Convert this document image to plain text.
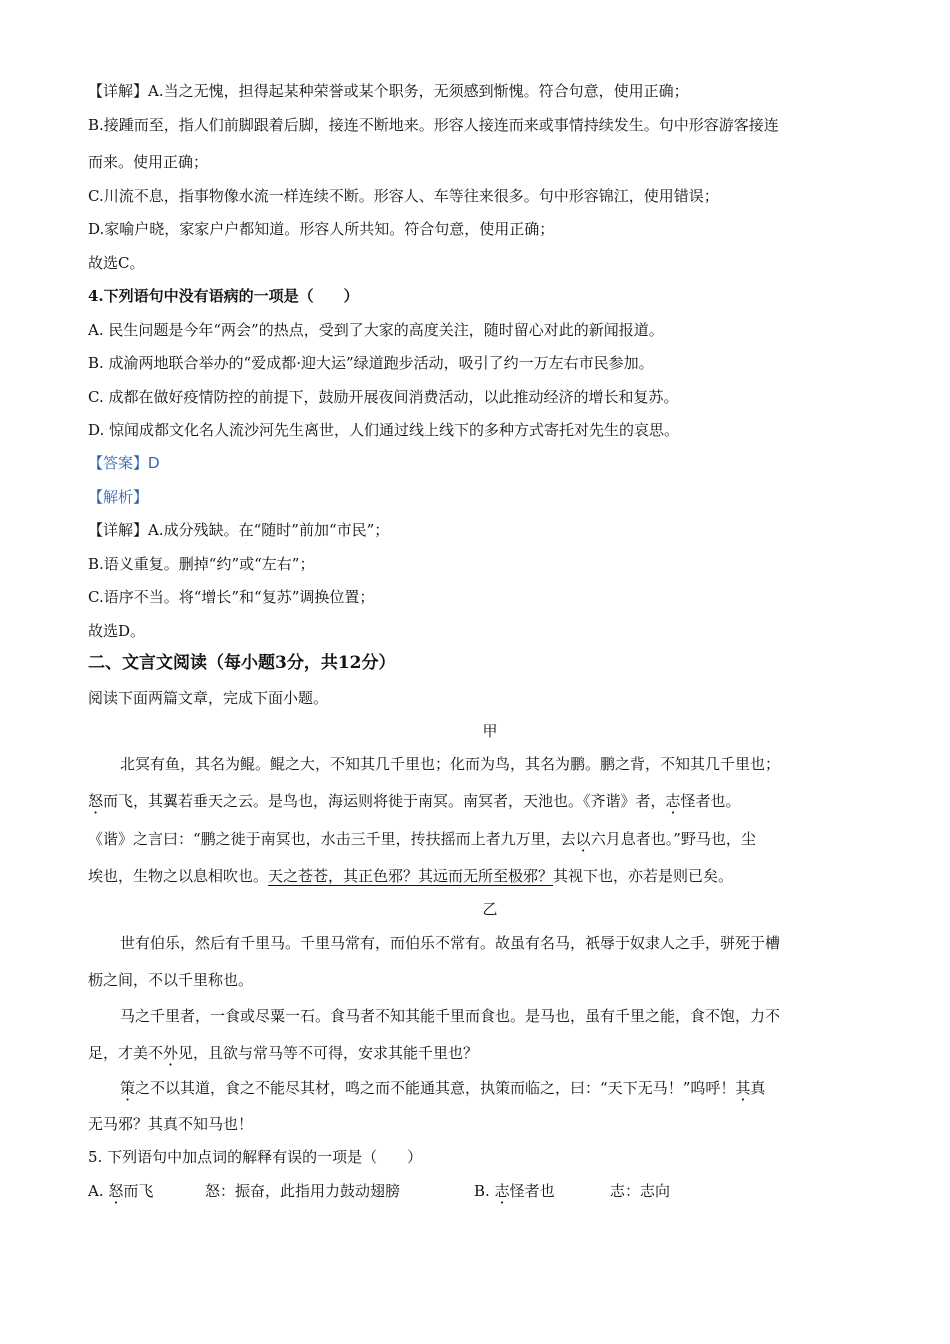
【详解】A.当之无愧，担得起某种荣誉或某个职务，无须感到惭愧。符合句意，使用正确；
B.接踵而至，指人们前脚跟着后脚，接连不断地来。形容人接连而来或事情持续发生。句中形容游客接连
而来。使用正确；
C.川流不息，指事物像水流一样连续不断。形容人、车等往来很多。句中形容锦江，使用错误；
D.家喻户晓，家家户户都知道。形容人所共知。符合句意，使用正确；
故选C。
4.下列语句中没有语病的一项是（　　）
A. 民生问题是今年“两会”的热点，受到了大家的高度关注，随时留心对此的新闻报道。
B. 成渝两地联合举办的“爱成都·迎大运”绿道跑步活动，吸引了约一万左右市民参加。
C. 成都在做好疫情防控的前提下，鼓励开展夜间消费活动，以此推动经济的增长和复苏。
D. 惊闻成都文化名人流沙河先生离世，人们通过线上线下的多种方式寄托对先生的哀思。
【答案】D
【解析】
【详解】A.成分残缺。在“随时”前加“市民”；
B.语义重复。删掉“约”或“左右”；
C.语序不当。将“增长”和“复苏”调换位置；
故选D。
二、文言文阅读（每小题3分，共12分）
阅读下面两篇文章，完成下面小题。
甲
北冥有鱼，其名为鲲。鲲之大，不知其几千里也；化而为鸟，其名为鹏。鹏之背，不知其几千里也；
怒而飞，其翼若垂天之云。是鸟也，海运则将徙于南冥。南冥者，天池也。《齐谐》者，志怪者也。
《谐》之言曰：“鹏之徙于南冥也，水击三千里，抟扶摇而上者九万里，去以六月息者也。”野马也，尘
埃也，生物之以息相吹也。天之苍苍，其正色邪？其远而无所至极邪？其视下也，亦若是则已矣。
乙
世有伯乐，然后有千里马。千里马常有，而伯乐不常有。故虽有名马，祇辱于奴隶人之手，骈死于槽
枥之间，不以千里称也。
马之千里者，一食或尽粟一石。食马者不知其能千里而食也。是马也，虽有千里之能，食不饱，力不
足，才美不外见，且欲与常马等不可得，安求其能千里也？
策之不以其道，食之不能尽其材，鸣之而不能通其意，执策而临之，曰：“天下无马！”呜呼！其真
无马邪？其真不知马也！
5. 下列语句中加点词的解释有误的一项是（　　）
A. 怒而飞	怒：振奋，此指用力鼓动翅膀	B. 志怪者也	志：志向
